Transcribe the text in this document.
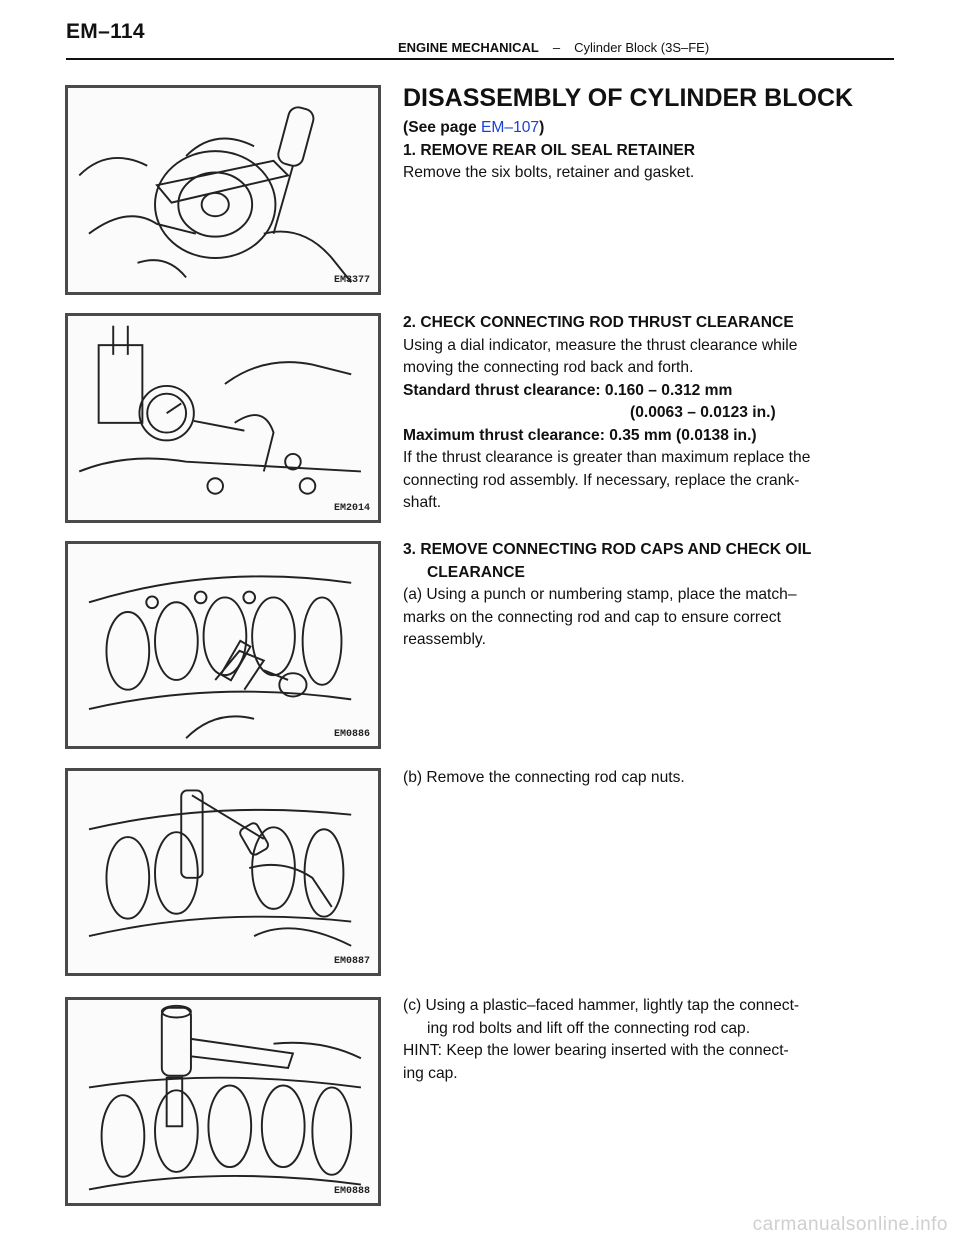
EM–114
ENGINE MECHANICAL – Cylinder Block (3S–FE)
EM3377
EM2014
EM0886
EM0887
EM0888
DISASSEMBLY OF CYLINDER BLOCK
(See page EM–107)
1. REMOVE REAR OIL SEAL RETAINER
Remove the six bolts, retainer and gasket.
2. CHECK CONNECTING ROD THRUST CLEARANCE
Using a dial indicator, measure the thrust clearance while
moving the connecting rod back and forth.
Standard thrust clearance: 0.160 – 0.312 mm
(0.0063 – 0.0123 in.)
Maximum thrust clearance: 0.35 mm (0.0138 in.)
If the thrust clearance is greater than maximum replace the
connecting rod assembly. If necessary, replace the crank-
shaft.
3. REMOVE CONNECTING ROD CAPS AND CHECK OIL
CLEARANCE
(a) Using a punch or numbering stamp, place the match–
marks on the connecting rod and cap to ensure correct
reassembly.
(b) Remove the connecting rod cap nuts.
(c) Using a plastic–faced hammer, lightly tap the connect-
ing rod bolts and lift off the connecting rod cap.
HINT: Keep the lower bearing inserted with the connect-
ing cap.
carmanualsonline.info
